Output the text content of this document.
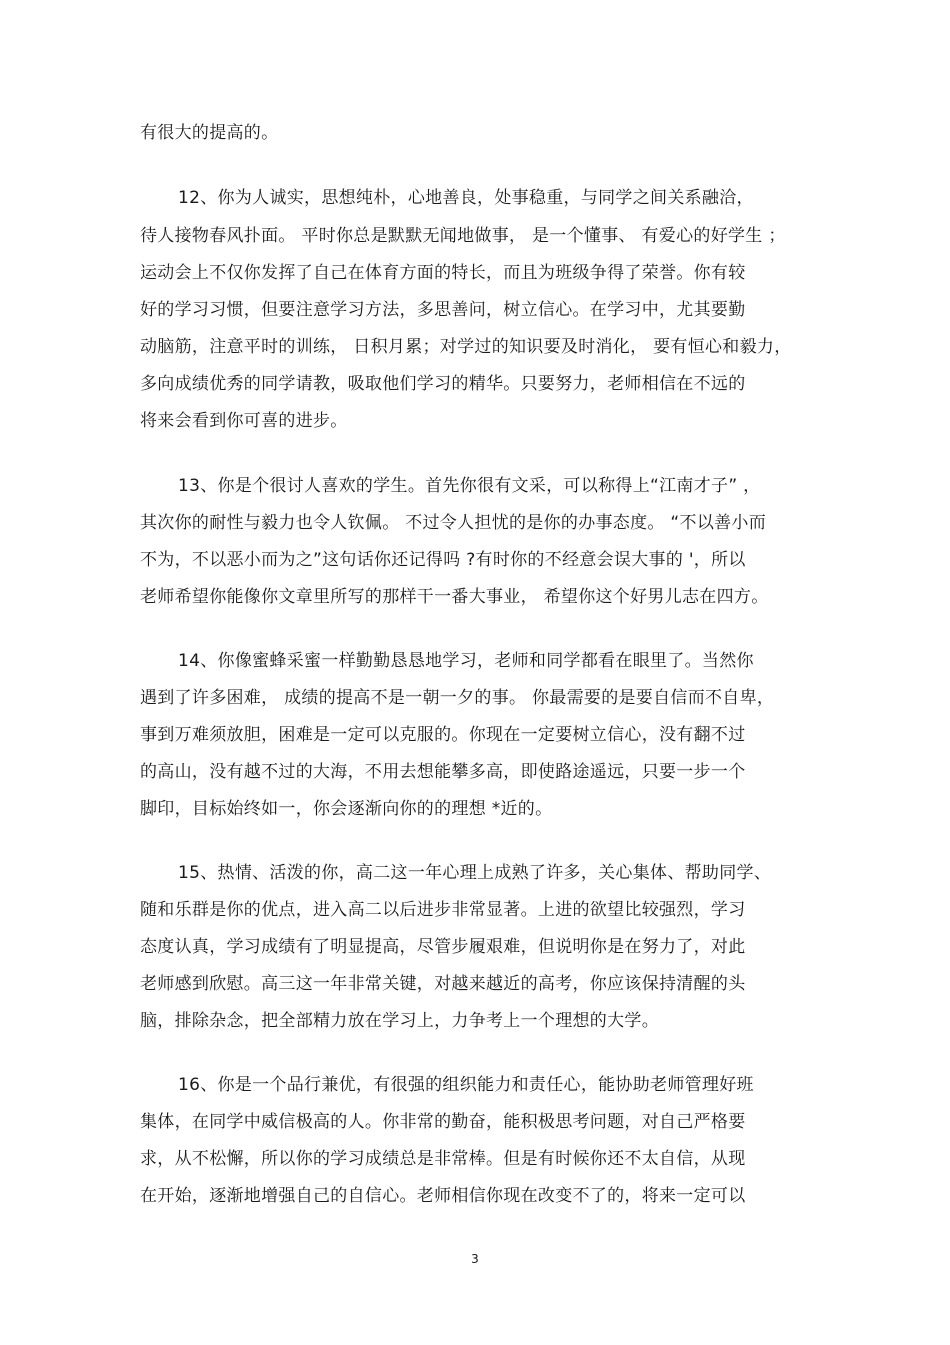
有很大的提高的。
12、你为人诚实，思想纯朴，心地善良，处事稳重，与同学之间关系融洽，
待人接物春风扑面。 平时你总是默默无闻地做事， 是一个懂事、 有爱心的好学生 ；
运动会上不仅你发挥了自己在体育方面的特长，而且为班级争得了荣誉。你有较
好的学习习惯，但要注意学习方法，多思善问，树立信心。在学习中，尤其要勤
动脑筋，注意平时的训练， 日积月累；对学过的知识要及时消化， 要有恒心和毅力，
多向成绩优秀的同学请教，吸取他们学习的精华。只要努力，老师相信在不远的
将来会看到你可喜的进步。
13、你是个很讨人喜欢的学生。首先你很有文采，可以称得上“江南才子” ，
其次你的耐性与毅力也令人钦佩。 不过令人担忧的是你的办事态度。 “不以善小而
不为，不以恶小而为之”这句话你还记得吗 ?有时你的不经意会误大事的 '，所以
老师希望你能像你文章里所写的那样干一番大事业， 希望你这个好男儿志在四方。
14、你像蜜蜂采蜜一样勤勤恳恳地学习，老师和同学都看在眼里了。当然你
遇到了许多困难， 成绩的提高不是一朝一夕的事。 你最需要的是要自信而不自卑，
事到万难须放胆，困难是一定可以克服的。你现在一定要树立信心，没有翻不过
的高山，没有越不过的大海，不用去想能攀多高，即使路途遥远，只要一步一个
脚印，目标始终如一，你会逐渐向你的的理想 *近的。
15、热情、活泼的你，高二这一年心理上成熟了许多，关心集体、帮助同学、
随和乐群是你的优点，进入高二以后进步非常显著。上进的欲望比较强烈，学习
态度认真，学习成绩有了明显提高，尽管步履艰难，但说明你是在努力了，对此
老师感到欣慰。高三这一年非常关键，对越来越近的高考，你应该保持清醒的头
脑，排除杂念，把全部精力放在学习上，力争考上一个理想的大学。
16、你是一个品行兼优，有很强的组织能力和责任心，能协助老师管理好班
集体，在同学中威信极高的人。你非常的勤奋，能积极思考问题，对自己严格要
求，从不松懈，所以你的学习成绩总是非常棒。但是有时候你还不太自信，从现
在开始，逐渐地增强自己的自信心。老师相信你现在改变不了的，将来一定可以
3
